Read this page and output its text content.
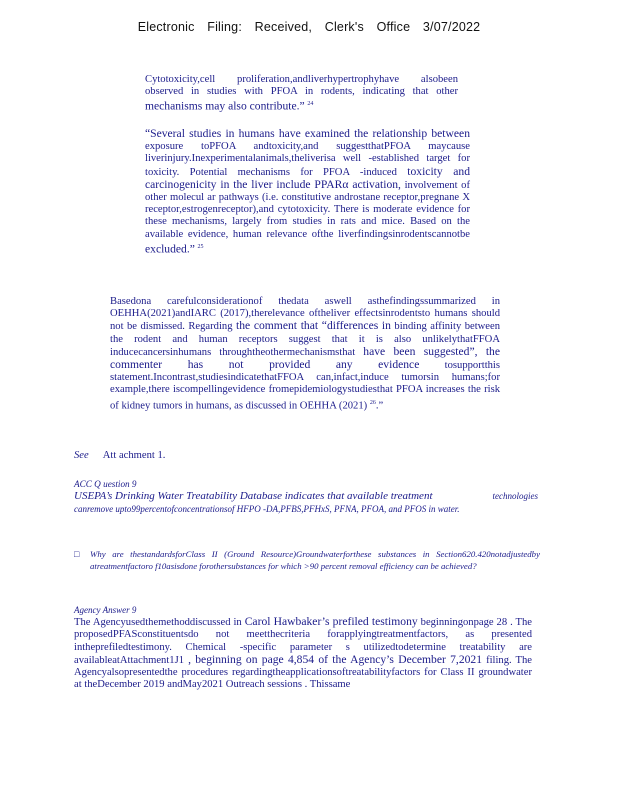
Electronic Filing: Received, Clerk's Office 3/07/2022

Cytotoxicity,cell proliferation,andliverhypertrophyhave alsobeen observed in studies with PFOA in rodents, indicating that other mechanisms may also contribute.” $^{24}$

“Several studies in humans have examined the relationship between exposure toPFOA andtoxicity,and suggestthatPFOA maycause liverinjury.Inexperimentalanimals,theliverisa well -established target for toxicity. Potential mechanisms for PFOA -induced toxicity and carcinogenicity in the liver include PPARα activation, involvement of other molecul ar pathways (i.e. constitutive androstane receptor,pregnane X receptor,estrogenreceptor),and cytotoxicity. There is moderate evidence for these mechanisms, largely from studies in rats and mice. Based on the available evidence, human relevance ofthe liverfindingsinrodentscannotbe excluded.” $^{25}$

Basedona carefulconsiderationof thedata aswell asthefindingssummarized in OEHHA(2021)andIARC (2017),therelevance oftheliver effectsinrodentsto humans should not be dismissed. Regarding the comment that “differences in binding affinity between the rodent and human receptors suggest that it is also unlikelythatFFOA inducecancersinhumans throughtheothermechanismsthat have been suggested”, the commenter has not provided any evidence tosupportthis statement.Incontrast,studiesindicatethatFFOA can,infact,induce tumorsin humans;for example,there iscompellingevidence fromepidemiologystudiesthat PFOA increases the risk of kidney tumors in humans, as discussed in OEHHA (2021) $^{26}$.”

See Att achment 1.
ACC Q uestion 9
USEPA’s Drinking Water Treatability Database indicates that available treatment	technologies
canremove upto99percentofconcentrationsof HFPO -DA,PFBS,PFHxS, PFNA, PFOA, and PFOS in water.
□ Why are thestandardsforClass II (Ground Resource)Groundwaterforthese substances in Section620.420notadjustedby atreatmentfactoro f10asisdone forothersubstances for which >90 percent removal efficiency can be achieved?
Agency Answer 9

The Agencyusedthemethoddiscussed in Carol Hawbaker’s prefiled testimony beginningonpage 28 . The proposedPFASconstituentsdo not meetthecriteria forapplyingtreatmentfactors, as presented intheprefiledtestimony. Chemical -specific parameter s utilizedtodetermine treatability are availableatAttachment1J1 , beginning on page 4,854 of the Agency’s December 7,2021 filing. The Agencyalsopresentedthe procedures regardingtheapplicationsoftreatabilityfactors for Class II groundwater at theDecember 2019 andMay2021 Outreach sessions . Thissame
